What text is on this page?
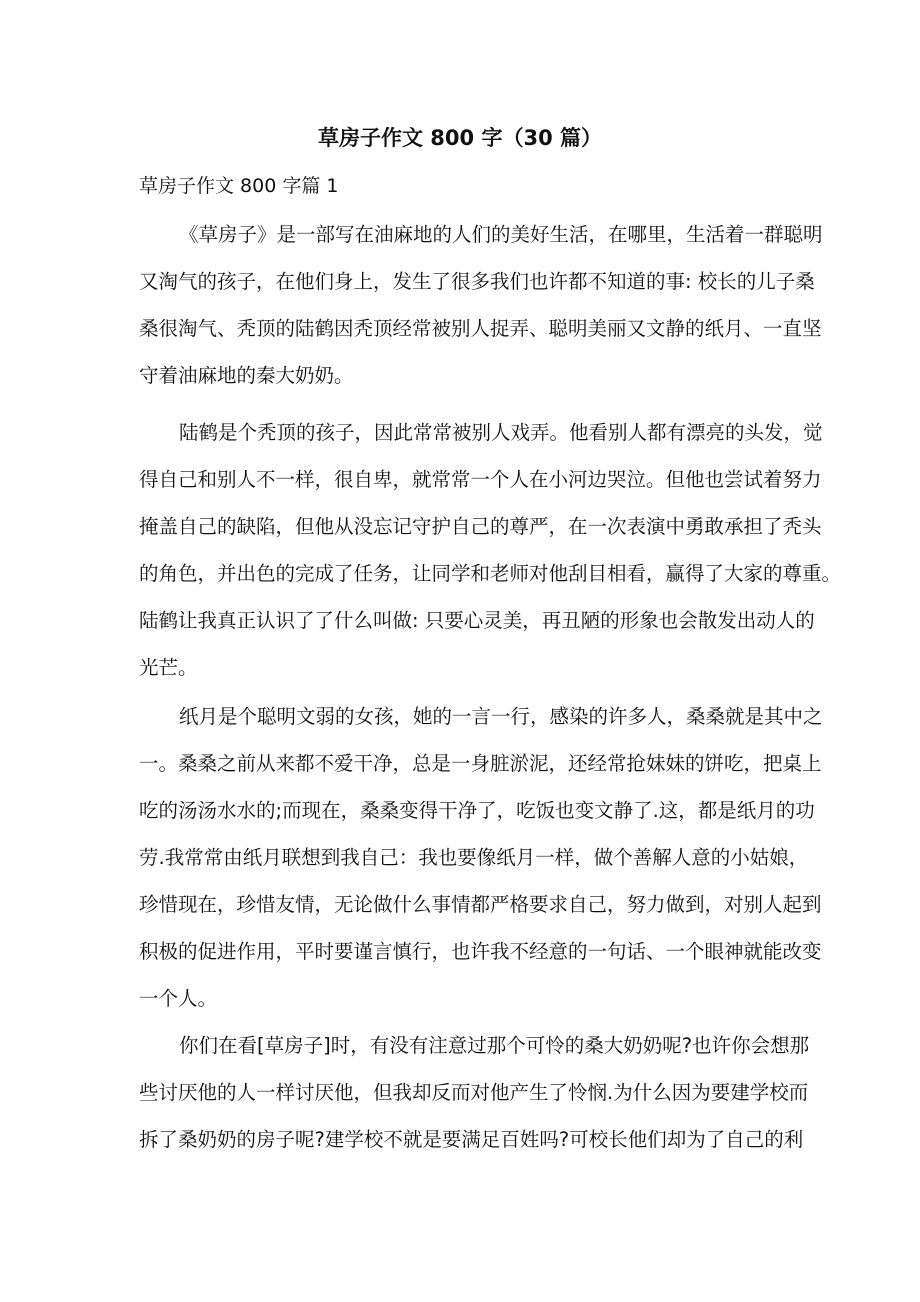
草房子作文 800 字（30 篇）
草房子作文 800 字篇 1
《草房子》是一部写在油麻地的人们的美好生活，在哪里，生活着一群聪明
又淘气的孩子，在他们身上，发生了很多我们也许都不知道的事: 校长的儿子桑
桑很淘气、秃顶的陆鹤因秃顶经常被别人捉弄、聪明美丽又文静的纸月、一直坚
守着油麻地的秦大奶奶。
陆鹤是个秃顶的孩子，因此常常被别人戏弄。他看别人都有漂亮的头发，觉
得自己和别人不一样，很自卑，就常常一个人在小河边哭泣。但他也尝试着努力
掩盖自己的缺陷，但他从没忘记守护自己的尊严，在一次表演中勇敢承担了秃头
的角色，并出色的完成了任务，让同学和老师对他刮目相看，赢得了大家的尊重。
陆鹤让我真正认识了了什么叫做: 只要心灵美，再丑陋的形象也会散发出动人的
光芒。
纸月是个聪明文弱的女孩，她的一言一行，感染的许多人，桑桑就是其中之
一。桑桑之前从来都不爱干净，总是一身脏淤泥，还经常抢妹妹的饼吃，把桌上
吃的汤汤水水的;而现在，桑桑变得干净了，吃饭也变文静了.这，都是纸月的功
劳.我常常由纸月联想到我自己：我也要像纸月一样，做个善解人意的小姑娘，
珍惜现在，珍惜友情，无论做什么事情都严格要求自己，努力做到，对别人起到
积极的促进作用，平时要谨言慎行，也许我不经意的一句话、一个眼神就能改变
一个人。
你们在看[草房子]时，有没有注意过那个可怜的桑大奶奶呢?也许你会想那
些讨厌他的人一样讨厌他，但我却反而对他产生了怜悯.为什么因为要建学校而
拆了桑奶奶的房子呢?建学校不就是要满足百姓吗?可校长他们却为了自己的利
